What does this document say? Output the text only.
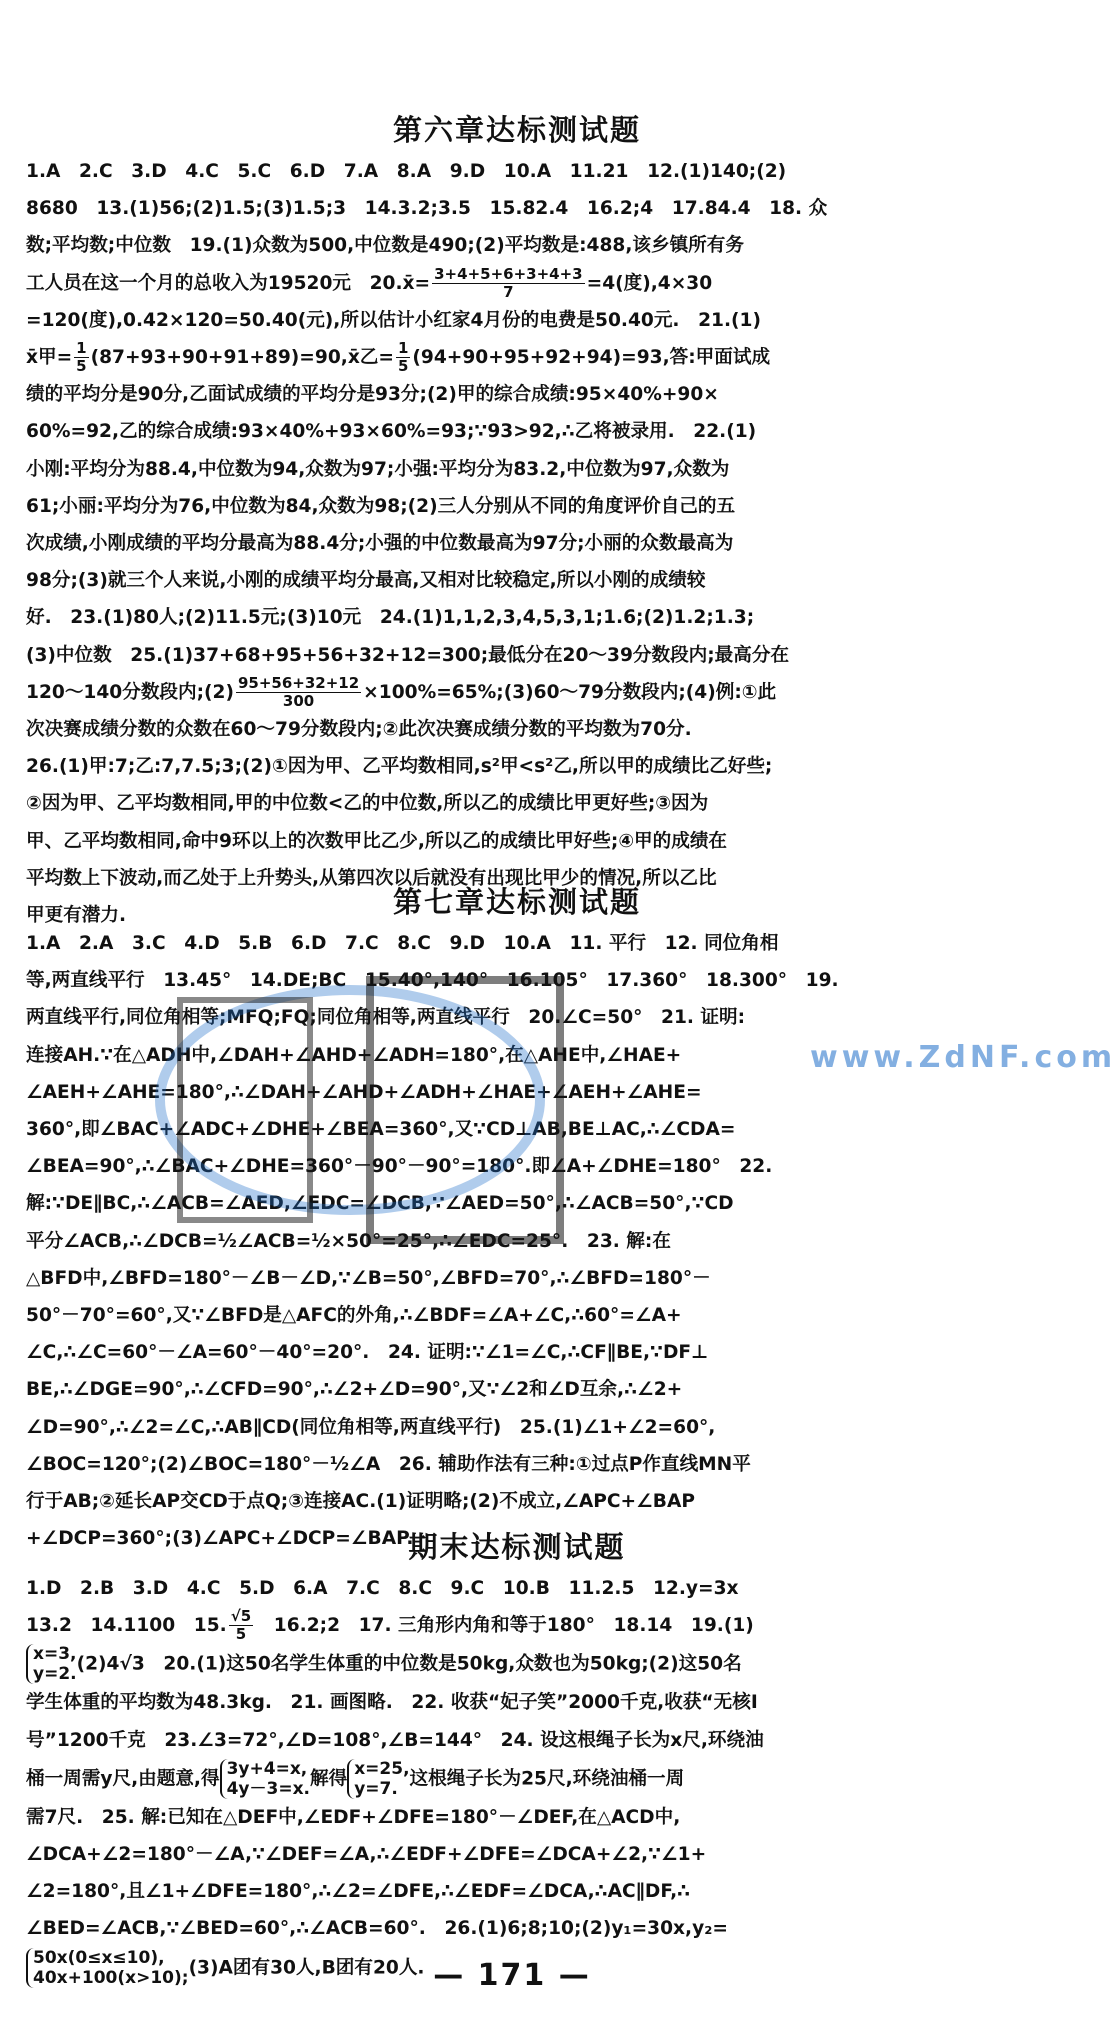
第六章达标测试题
1.A　2.C　3.D　4.C　5.C　6.D　7.A　8.A　9.D　10.A　11.21　12.(1)140;(2)
8680　13.(1)56;(2)1.5;(3)1.5;3　14.3.2;3.5　15.82.4　16.2;4　17.84.4　18. 众
数;平均数;中位数　19.(1)众数为500,中位数是490;(2)平均数是:488,该乡镇所有务
工人员在这一个月的总收入为19520元　20.x̄= $\frac{3+4+5+6+3+4+3}{7} =4$(度),4×30
=120(度),0.42×120=50.40(元),所以估计小红家4月份的电费是50.40元.　21.(1)
x̄甲= $\frac{1}{5}$ (87+93+90+91+89)=90,x̄乙= $\frac{1}{5} (94+90+95+92+94)=93$,答:甲面试成
绩的平均分是90分,乙面试成绩的平均分是93分;(2)甲的综合成绩:95×40%+90×
60%=92,乙的综合成绩:93×40%+93×60%=93;∵93>92,∴乙将被录用.　22.(1)
小刚:平均分为88.4,中位数为94,众数为97;小强:平均分为83.2,中位数为97,众数为
61;小丽:平均分为76,中位数为84,众数为98;(2)三人分别从不同的角度评价自己的五
次成绩,小刚成绩的平均分最高为88.4分;小强的中位数最高为97分;小丽的众数最高为
98分;(3)就三个人来说,小刚的成绩平均分最高,又相对比较稳定,所以小刚的成绩较
好.　23.(1)80人;(2)11.5元;(3)10元　24.(1)1,1,2,3,4,5,3,1;1.6;(2)1.2;1.3;
(3)中位数　25.(1)37+68+95+56+32+12=300;最低分在20～39分数段内;最高分在
120～140分数段内;(2) $\frac{95+56+32+12}{300}$ ×100%=65%;(3)60～79分数段内;(4)例:①此
次决赛成绩分数的众数在60～79分数段内;②此次决赛成绩分数的平均数为70分.
26.(1)甲:7;乙:7,7.5;3;(2)①因为甲、乙平均数相同,s²甲<s²乙,所以甲的成绩比乙好些;
②因为甲、乙平均数相同,甲的中位数<乙的中位数,所以乙的成绩比甲更好些;③因为
甲、乙平均数相同,命中9环以上的次数甲比乙少,所以乙的成绩比甲好些;④甲的成绩在
平均数上下波动,而乙处于上升势头,从第四次以后就没有出现比甲少的情况,所以乙比
甲更有潜力.	第七章达标测试题
1.A　2.A　3.C　4.D　5.B　6.D　7.C　8.C　9.D　10.A　11. 平行　12. 同位角相
等,两直线平行　13.45°　14.DE;BC　15.40°,140°　16.105°　17.360°　18.300°　19.
两直线平行,同位角相等;MFQ;FQ;同位角相等,两直线平行　20.∠C=50°　21. 证明:
连接AH.∵在△ADH中,∠DAH+∠AHD+∠ADH=180°,在△AHE中,∠HAE+
∠AEH+∠AHE=180°,∴∠DAH+∠AHD+∠ADH+∠HAE+∠AEH+∠AHE=
360°,即∠BAC+∠ADC+∠DHE+∠BEA=360°,又∵CD⊥AB,BE⊥AC,∴∠CDA=
∠BEA=90°,∴∠BAC+∠DHE=360°－90°－90°=180°.即∠A+∠DHE=180°　22.
解:∵DE∥BC,∴∠ACB=∠AED,∠EDC=∠DCB,∵∠AED=50°,∴∠ACB=50°,∵CD
平分∠ACB,∴∠DCB=½∠ACB=½×50°=25°,∴∠EDC=25°.　23. 解:在
△BFD中,∠BFD=180°－∠B－∠D,∵∠B=50°,∠BFD=70°,∴∠BFD=180°－
50°－70°=60°,又∵∠BFD是△AFC的外角,∴∠BDF=∠A+∠C,∴60°=∠A+
∠C,∴∠C=60°－∠A=60°－40°=20°.　24. 证明:∵∠1=∠C,∴CF∥BE,∵DF⊥
BE,∴∠DGE=90°,∴∠CFD=90°,∴∠2+∠D=90°,又∵∠2和∠D互余,∴∠2+
∠D=90°,∴∠2=∠C,∴AB∥CD(同位角相等,两直线平行)　25.(1)∠1+∠2=60°,
∠BOC=120°;(2)∠BOC=180°－½∠A　26. 辅助作法有三种:①过点P作直线MN平
行于AB;②延长AP交CD于点Q;③连接AC.(1)证明略;(2)不成立,∠APC+∠BAP
+∠DCP=360°;(3)∠APC+∠DCP=∠BAP.
期末达标测试题
1.D　2.B　3.D　4.C　5.D　6.A　7.C　8.C　9.C　10.B　11.2.5　12.y=3x
13.2　14.1100　15. $\frac{√5}{5}$
　 16.2;2　17. 三角形内角和等于180°　18.14　19.(1)
x=3,
y=2. (2)4√3　20.(1)这50名学生体重的中位数是50kg,众数也为50kg;(2)这50名
学生体重的平均数为48.3kg.　21. 画图略.　22. 收获“妃子笑”2000千克,收获“无核Ⅰ
号”1200千克　23.∠3=72°,∠D=108°,∠B=144°　24. 设这根绳子长为x尺,环绕油
桶一周需y尺,由题意,得 3y+4=x,
4y－3=x. 解得 x=25,
y=7. 这根绳子长为25尺,环绕油桶一周
需7尺.　25. 解:已知在△DEF中,∠EDF+∠DFE=180°－∠DEF,在△ACD中,
∠DCA+∠2=180°－∠A,∵∠DEF=∠A,∴∠EDF+∠DFE=∠DCA+∠2,∵∠1+
∠2=180°,且∠1+∠DFE=180°,∴∠2=∠DFE,∴∠EDF=∠DCA,∴AC∥DF,∴
∠BED=∠ACB,∵∠BED=60°,∴∠ACB=60°.　26.(1)6;8;10;(2)y₁=30x,y₂=
50x(0≤x≤10),
40x+100(x>10); (3)A团有30人,B团有20人.
www.ZdNF.com
— 171 —
